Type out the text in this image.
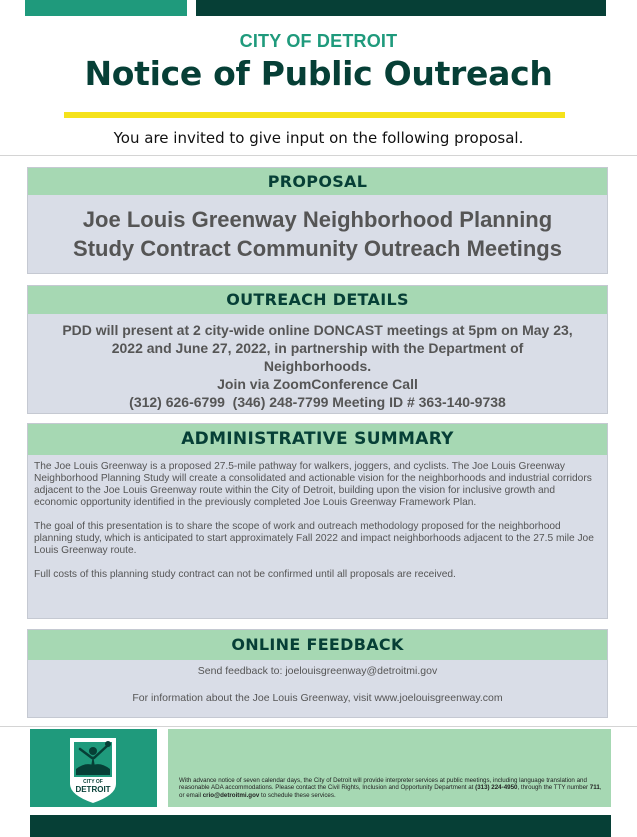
CITY OF DETROIT
Notice of Public Outreach
You are invited to give input on the following proposal.
PROPOSAL
Joe Louis Greenway Neighborhood Planning
Study Contract Community Outreach Meetings
OUTREACH DETAILS
PDD will present at 2 city-wide online DONCAST meetings at 5pm on May 23,
2022 and June 27, 2022, in partnership with the Department of
Neighborhoods.
Join via ZoomConference Call
(312) 626-6799  (346) 248-7799 Meeting ID # 363-140-9738
ADMINISTRATIVE SUMMARY

The Joe Louis Greenway is a proposed 27.5-mile pathway for walkers, joggers, and cyclists. The Joe Louis Greenway Neighborhood Planning Study will create a consolidated and actionable vision for the neighborhoods and industrial corridors adjacent to the Joe Louis Greenway route within the City of Detroit, building upon the vision for inclusive growth and economic opportunity identified in the previously completed Joe Louis Greenway Framework Plan.

The goal of this presentation is to share the scope of work and outreach methodology proposed for the neighborhood planning study, which is anticipated to start approximately Fall 2022 and impact neighborhoods adjacent to the 27.5 mile Joe Louis Greenway route.

Full costs of this planning study contract can not be confirmed until all proposals are received.

ONLINE FEEDBACK
Send feedback to: joelouisgreenway@detroitmi.gov
For information about the Joe Louis Greenway, visit www.joelouisgreenway.com
CITY OF
DETROIT
With advance notice of seven calendar days, the City of Detroit will provide interpreter services at public meetings, including language translation and reasonable ADA accommodations. Please contact the Civil Rights, Inclusion and Opportunity Department at (313) 224-4950, through the TTY number 711, or email crio@detroitmi.gov to schedule these services.
